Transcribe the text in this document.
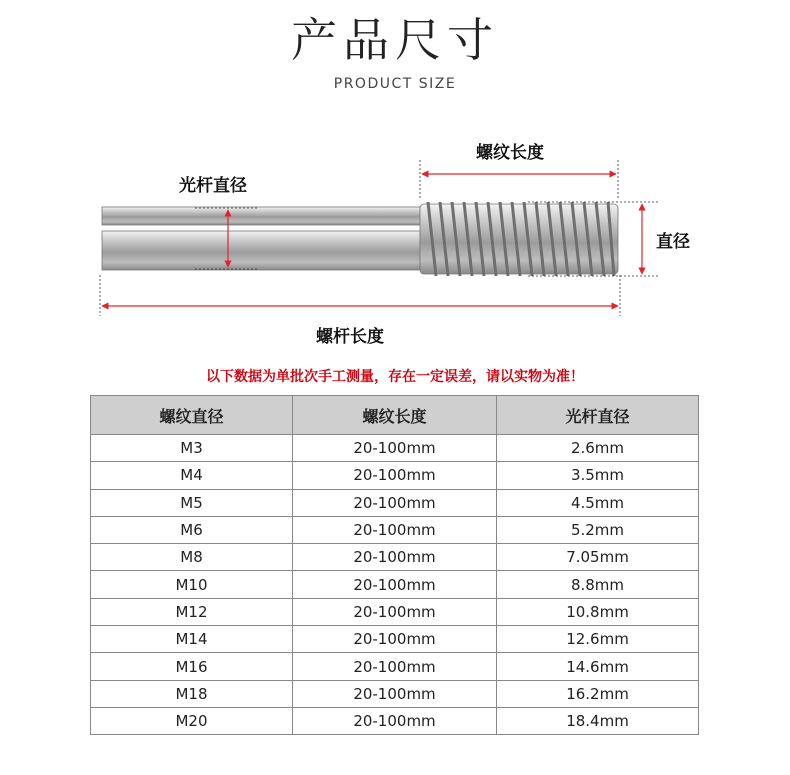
产品尺寸
PRODUCT SIZE
螺纹长度
光杆直径
直径
螺杆长度
以下数据为单批次手工测量，存在一定误差，请以实物为准！
螺纹直径	螺纹长度	光杆直径
M3	20-100mm	2.6mm
M4	20-100mm	3.5mm
M5	20-100mm	4.5mm
M6	20-100mm	5.2mm
M8	20-100mm	7.05mm
M10	20-100mm	8.8mm
M12	20-100mm	10.8mm
M14	20-100mm	12.6mm
M16	20-100mm	14.6mm
M18	20-100mm	16.2mm
M20	20-100mm	18.4mm
